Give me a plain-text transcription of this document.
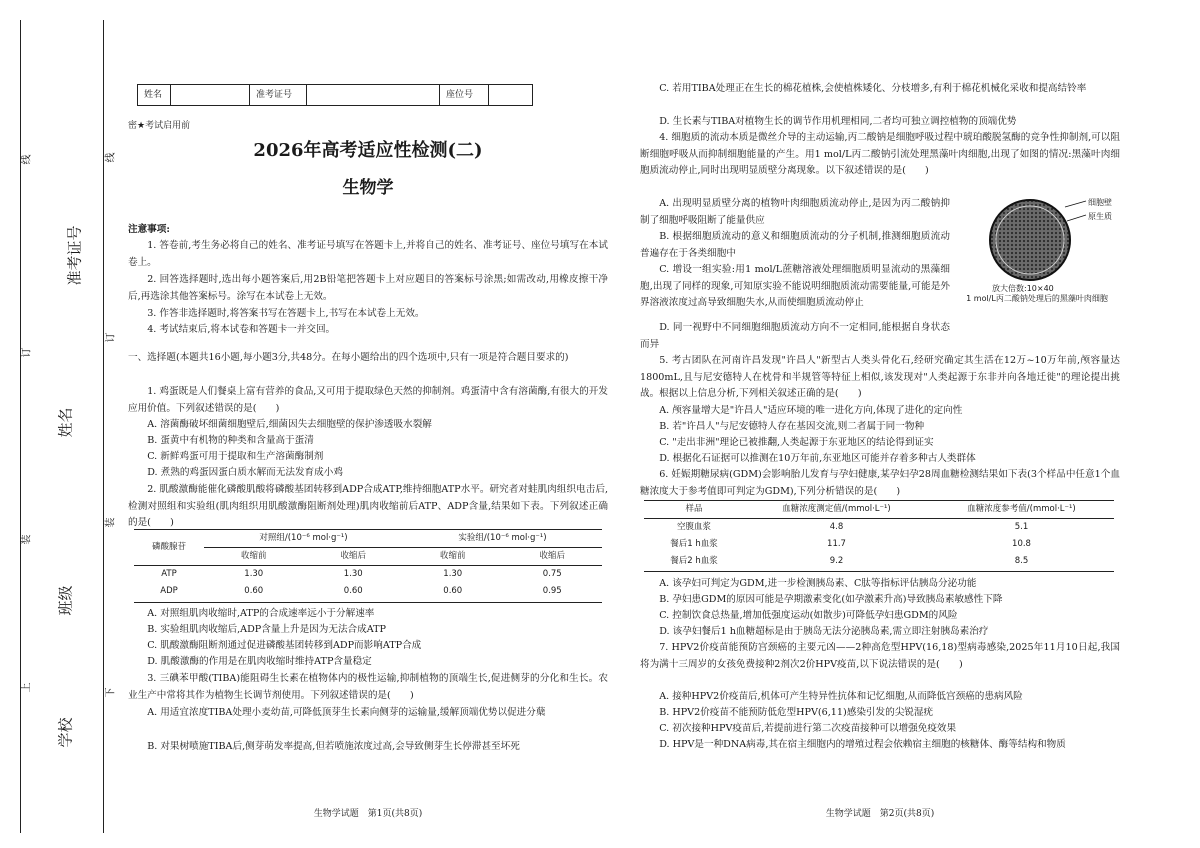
线
准考证号
订
姓名
装
班级
上
学校
线
订
装
下
姓名		准考证号		座位号	
密★考试启用前
2026年高考适应性检测(二)
生物学
注意事项:
1. 答卷前,考生务必将自己的姓名、准考证号填写在答题卡上,并将自己的姓名、准考证号、座位号填写在本试卷上。
2. 回答选择题时,选出每小题答案后,用2B铅笔把答题卡上对应题目的答案标号涂黑;如需改动,用橡皮擦干净后,再选涂其他答案标号。涂写在本试卷上无效。
3. 作答非选择题时,将答案书写在答题卡上,书写在本试卷上无效。
4. 考试结束后,将本试卷和答题卡一并交回。
一、选择题(本题共16小题,每小题3分,共48分。在每小题给出的四个选项中,只有一项是符合题目要求的)
1. 鸡蛋既是人们餐桌上富有营养的食品,又可用于提取绿色天然的抑制剂。鸡蛋清中含有溶菌酶,有很大的开发应用价值。下列叙述错误的是(　　)
A. 溶菌酶破坏细菌细胞壁后,细菌因失去细胞壁的保护渗透吸水裂解
B. 蛋黄中有机物的种类和含量高于蛋清
C. 新鲜鸡蛋可用于提取和生产溶菌酶制剂
D. 煮熟的鸡蛋因蛋白质水解而无法发育成小鸡
2. 肌酸激酶能催化磷酸肌酸将磷酸基团转移到ADP合成ATP,维持细胞ATP水平。研究者对蛙肌肉组织电击后,检测对照组和实验组(肌肉组织用肌酸激酶阻断剂处理)肌肉收缩前后ATP、ADP含量,结果如下表。下列叙述正确的是(　　)
磷酸腺苷	对照组/(10⁻⁶ mol·g⁻¹)		实验组/(10⁻⁶ mol·g⁻¹)	
	收缩前	收缩后	收缩前	收缩后
ATP	1.30	1.30	1.30	0.75
ADP	0.60	0.60	0.60	0.95
A. 对照组肌肉收缩时,ATP的合成速率远小于分解速率
B. 实验组肌肉收缩后,ADP含量上升是因为无法合成ATP
C. 肌酸激酶阻断剂通过促进磷酸基团转移到ADP而影响ATP合成
D. 肌酸激酶的作用是在肌肉收缩时维持ATP含量稳定
3. 三碘苯甲酸(TIBA)能阻碍生长素在植物体内的极性运输,抑制植物的顶端生长,促进侧芽的分化和生长。农业生产中常将其作为植物生长调节剂使用。下列叙述错误的是(　　)
A. 用适宜浓度TIBA处理小麦幼苗,可降低顶芽生长素向侧芽的运输量,缓解顶端优势以促进分蘖
B. 对果树喷施TIBA后,侧芽萌发率提高,但若喷施浓度过高,会导致侧芽生长停滞甚至坏死
生物学试题　第1页(共8页)
C. 若用TIBA处理正在生长的棉花植株,会使植株矮化、分枝增多,有利于棉花机械化采收和提高结铃率
D. 生长素与TIBA对植物生长的调节作用机理相同,二者均可独立调控植物的顶端优势
4. 细胞质的流动本质是微丝介导的主动运输,丙二酸钠是细胞呼吸过程中琥珀酸脱氢酶的竞争性抑制剂,可以阻断细胞呼吸从而抑制细胞能量的产生。用1 mol/L丙二酸钠引流处理黑藻叶肉细胞,出现了如图的情况:黑藻叶肉细胞质流动停止,同时出现明显质壁分离现象。以下叙述错误的是(　　)
A. 出现明显质壁分离的植物叶肉细胞质流动停止,是因为丙二酸钠抑制了细胞呼吸阻断了能量供应
B. 根据细胞质流动的意义和细胞质流动的分子机制,推测细胞质流动普遍存在于各类细胞中
C. 增设一组实验:用1 mol/L蔗糖溶液处理细胞质明显流动的黑藻细胞,出现了同样的现象,可知原实验不能说明细胞质流动需要能量,可能是外界溶液浓度过高导致细胞失水,从而使细胞质流动停止
D. 同一视野中不同细胞细胞质流动方向不一定相同,能根据自身状态而异
细胞壁
原生质
放大倍数:10×40
1 mol/L丙二酸钠处理后的黑藻叶肉细胞
5. 考古团队在河南许昌发现"许昌人"新型古人类头骨化石,经研究确定其生活在12万~10万年前,颅容量达1800mL,且与尼安德特人在枕骨和半规管等特征上相似,该发现对"人类起源于东非并向各地迁徙"的理论提出挑战。根据以上信息分析,下列相关叙述正确的是(　　)
A. 颅容量增大是"许昌人"适应环境的唯一进化方向,体现了进化的定向性
B. 若"许昌人"与尼安德特人存在基因交流,则二者属于同一物种
C. "走出非洲"理论已被推翻,人类起源于东亚地区的结论得到证实
D. 根据化石证据可以推测在10万年前,东亚地区可能并存着多种古人类群体
6. 妊娠期糖尿病(GDM)会影响胎儿发育与孕妇健康,某孕妇孕28周血糖检测结果如下表(3个样品中任意1个血糖浓度大于参考值即可判定为GDM),下列分析错误的是(　　)
样品	血糖浓度测定值/(mmol·L⁻¹)	血糖浓度参考值/(mmol·L⁻¹)
空腹血浆	4.8	5.1
餐后1 h血浆	11.7	10.8
餐后2 h血浆	9.2	8.5
A. 该孕妇可判定为GDM,进一步检测胰岛素、C肽等指标评估胰岛分泌功能
B. 孕妇患GDM的原因可能是孕期激素变化(如孕激素升高)导致胰岛素敏感性下降
C. 控制饮食总热量,增加低强度运动(如散步)可降低孕妇患GDM的风险
D. 该孕妇餐后1 h血糖超标是由于胰岛无法分泌胰岛素,需立即注射胰岛素治疗
7. HPV2价疫苗能预防宫颈癌的主要元凶——2种高危型HPV(16,18)型病毒感染,2025年11月10日起,我国将为满十三周岁的女孩免费接种2剂次2价HPV疫苗,以下说法错误的是(　　)
A. 接种HPV2价疫苗后,机体可产生特异性抗体和记忆细胞,从而降低宫颈癌的患病风险
B. HPV2价疫苗不能预防低危型HPV(6,11)感染引发的尖锐湿疣
C. 初次接种HPV疫苗后,若提前进行第二次疫苗接种可以增强免疫效果
D. HPV是一种DNA病毒,其在宿主细胞内的增殖过程会依赖宿主细胞的核糖体、酶等结构和物质
生物学试题　第2页(共8页)
